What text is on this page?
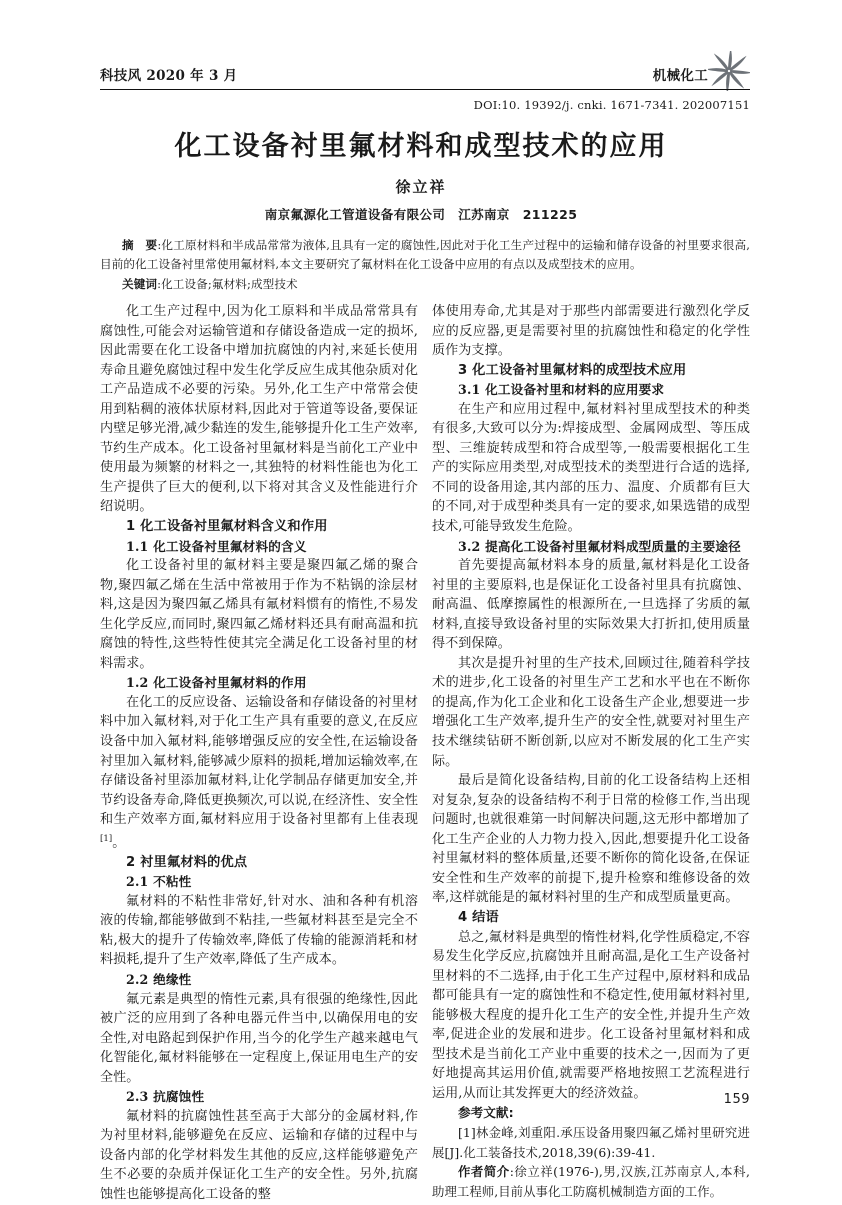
科技风 2020 年 3 月	机械化工
DOI:10. 19392/j. cnki. 1671-7341. 202007151
化工设备衬里氟材料和成型技术的应用
徐立祥
南京氟源化工管道设备有限公司　江苏南京　211225

摘　要:化工原材料和半成品常常为液体,且具有一定的腐蚀性,因此对于化工生产过程中的运输和储存设备的衬里要求很高,目前的化工设备衬里常使用氟材料,本文主要研究了氟材料在化工设备中应用的有点以及成型技术的应用。

关键词:化工设备;氟材料;成型技术

化工生产过程中,因为化工原料和半成品常常具有腐蚀性,可能会对运输管道和存储设备造成一定的损坏,因此需要在化工设备中增加抗腐蚀的内衬,来延长使用寿命且避免腐蚀过程中发生化学反应生成其他杂质对化工产品造成不必要的污染。另外,化工生产中常常会使用到粘稠的液体状原材料,因此对于管道等设备,要保证内壁足够光滑,减少黏连的发生,能够提升化工生产效率,节约生产成本。化工设备衬里氟材料是当前化工产业中使用最为频繁的材料之一,其独特的材料性能也为化工生产提供了巨大的便利,以下将对其含义及性能进行介绍说明。

1 化工设备衬里氟材料含义和作用

1.1 化工设备衬里氟材料的含义

化工设备衬里的氟材料主要是聚四氟乙烯的聚合物,聚四氟乙烯在生活中常被用于作为不粘锅的涂层材料,这是因为聚四氟乙烯具有氟材料惯有的惰性,不易发生化学反应,而同时,聚四氟乙烯材料还具有耐高温和抗腐蚀的特性,这些特性使其完全满足化工设备衬里的材料需求。

1.2 化工设备衬里氟材料的作用

在化工的反应设备、运输设备和存储设备的衬里材料中加入氟材料,对于化工生产具有重要的意义,在反应设备中加入氟材料,能够增强反应的安全性,在运输设备衬里加入氟材料,能够减少原料的损耗,增加运输效率,在存储设备衬里添加氟材料,让化学制品存储更加安全,并节约设备寿命,降低更换频次,可以说,在经济性、安全性和生产效率方面,氟材料应用于设备衬里都有上佳表现[1]。

2 衬里氟材料的优点

2.1 不粘性

氟材料的不粘性非常好,针对水、油和各种有机溶液的传输,都能够做到不粘挂,一些氟材料甚至是完全不粘,极大的提升了传输效率,降低了传输的能源消耗和材料损耗,提升了生产效率,降低了生产成本。

2.2 绝缘性

氟元素是典型的惰性元素,具有很强的绝缘性,因此被广泛的应用到了各种电器元件当中,以确保用电的安全性,对电路起到保护作用,当今的化学生产越来越电气化智能化,氟材料能够在一定程度上,保证用电生产的安全性。

2.3 抗腐蚀性

氟材料的抗腐蚀性甚至高于大部分的金属材料,作为衬里材料,能够避免在反应、运输和存储的过程中与设备内部的化学材料发生其他的反应,这样能够避免产生不必要的杂质并保证化工生产的安全性。另外,抗腐蚀性也能够提高化工设备的整

体使用寿命,尤其是对于那些内部需要进行激烈化学反应的反应器,更是需要衬里的抗腐蚀性和稳定的化学性质作为支撑。

3 化工设备衬里氟材料的成型技术应用

3.1 化工设备衬里和材料的应用要求

在生产和应用过程中,氟材料衬里成型技术的种类有很多,大致可以分为:焊接成型、金属网成型、等压成型、三维旋转成型和符合成型等,一般需要根据化工生产的实际应用类型,对成型技术的类型进行合适的选择,不同的设备用途,其内部的压力、温度、介质都有巨大的不同,对于成型种类具有一定的要求,如果选错的成型技术,可能导致发生危险。

3.2 提高化工设备衬里氟材料成型质量的主要途径

首先要提高氟材料本身的质量,氟材料是化工设备衬里的主要原料,也是保证化工设备衬里具有抗腐蚀、耐高温、低摩擦属性的根源所在,一旦选择了劣质的氟材料,直接导致设备衬里的实际效果大打折扣,使用质量得不到保障。

其次是提升衬里的生产技术,回顾过往,随着科学技术的进步,化工设备的衬里生产工艺和水平也在不断你的提高,作为化工企业和化工设备生产企业,想要进一步增强化工生产效率,提升生产的安全性,就要对衬里生产技术继续钻研不断创新,以应对不断发展的化工生产实际。

最后是简化设备结构,目前的化工设备结构上还相对复杂,复杂的设备结构不利于日常的检修工作,当出现问题时,也就很难第一时间解决问题,这无形中都增加了化工生产企业的人力物力投入,因此,想要提升化工设备衬里氟材料的整体质量,还要不断你的简化设备,在保证安全性和生产效率的前提下,提升检察和维修设备的效率,这样就能是的氟材料衬里的生产和成型质量更高。

4 结语

总之,氟材料是典型的惰性材料,化学性质稳定,不容易发生化学反应,抗腐蚀并且耐高温,是化工生产设备衬里材料的不二选择,由于化工生产过程中,原材料和成品都可能具有一定的腐蚀性和不稳定性,使用氟材料衬里,能够极大程度的提升化工生产的安全性,并提升生产效率,促进企业的发展和进步。化工设备衬里氟材料和成型技术是当前化工产业中重要的技术之一,因而为了更好地提高其运用价值,就需要严格地按照工艺流程进行运用,从而让其发挥更大的经济效益。

参考文献:

[1]林金峰,刘重阳.承压设备用聚四氟乙烯衬里研究进展[J].化工装备技术,2018,39(6):39-41.

作者简介:徐立祥(1976-),男,汉族,江苏南京人,本科,助理工程师,目前从事化工防腐机械制造方面的工作。

159
